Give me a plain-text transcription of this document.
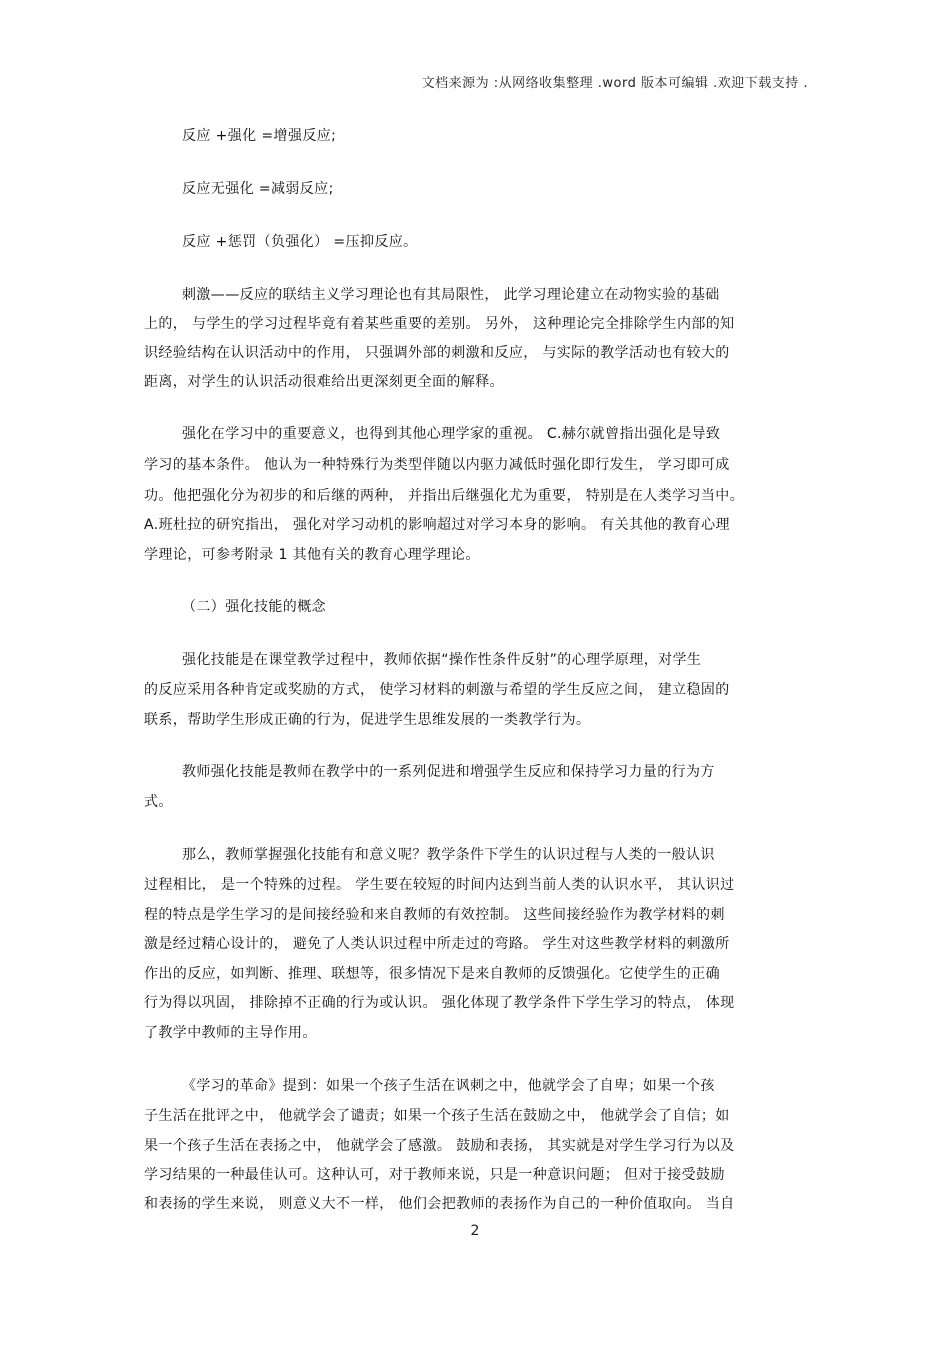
文档来源为 :从网络收集整理 .word 版本可编辑 .欢迎下载支持 .
反应 +强化 =增强反应;
反应无强化 =减弱反应;
反应 +惩罚（负强化） =压抑反应。
刺激——反应的联结主义学习理论也有其局限性， 此学习理论建立在动物实验的基础
上的， 与学生的学习过程毕竟有着某些重要的差别。 另外， 这种理论完全排除学生内部的知
识经验结构在认识活动中的作用， 只强调外部的刺激和反应， 与实际的教学活动也有较大的
距离，对学生的认识活动很难给出更深刻更全面的解释。
强化在学习中的重要意义，也得到其他心理学家的重视。 C.赫尔就曾指出强化是导致
学习的基本条件。 他认为一种特殊行为类型伴随以内驱力减低时强化即行发生， 学习即可成
功。他把强化分为初步的和后继的两种， 并指出后继强化尤为重要， 特别是在人类学习当中。
A.班杜拉的研究指出， 强化对学习动机的影响超过对学习本身的影响。 有关其他的教育心理
学理论，可参考附录 1 其他有关的教育心理学理论。
（二）强化技能的概念
强化技能是在课堂教学过程中，教师依据“操作性条件反射”的心理学原理，对学生
的反应采用各种肯定或奖励的方式， 使学习材料的刺激与希望的学生反应之间， 建立稳固的
联系，帮助学生形成正确的行为，促进学生思维发展的一类教学行为。
教师强化技能是教师在教学中的一系列促进和增强学生反应和保持学习力量的行为方
式。
那么，教师掌握强化技能有和意义呢？教学条件下学生的认识过程与人类的一般认识
过程相比， 是一个特殊的过程。 学生要在较短的时间内达到当前人类的认识水平， 其认识过
程的特点是学生学习的是间接经验和来自教师的有效控制。 这些间接经验作为教学材料的刺
激是经过精心设计的， 避免了人类认识过程中所走过的弯路。 学生对这些教学材料的刺激所
作出的反应，如判断、推理、联想等，很多情况下是来自教师的反馈强化。它使学生的正确
行为得以巩固， 排除掉不正确的行为或认识。 强化体现了教学条件下学生学习的特点， 体现
了教学中教师的主导作用。
《学习的革命》提到：如果一个孩子生活在讽刺之中，他就学会了自卑；如果一个孩
子生活在批评之中， 他就学会了谴责；如果一个孩子生活在鼓励之中， 他就学会了自信；如
果一个孩子生活在表扬之中， 他就学会了感激。 鼓励和表扬， 其实就是对学生学习行为以及
学习结果的一种最佳认可。这种认可，对于教师来说，只是一种意识问题； 但对于接受鼓励
和表扬的学生来说， 则意义大不一样， 他们会把教师的表扬作为自己的一种价值取向。 当自
2
